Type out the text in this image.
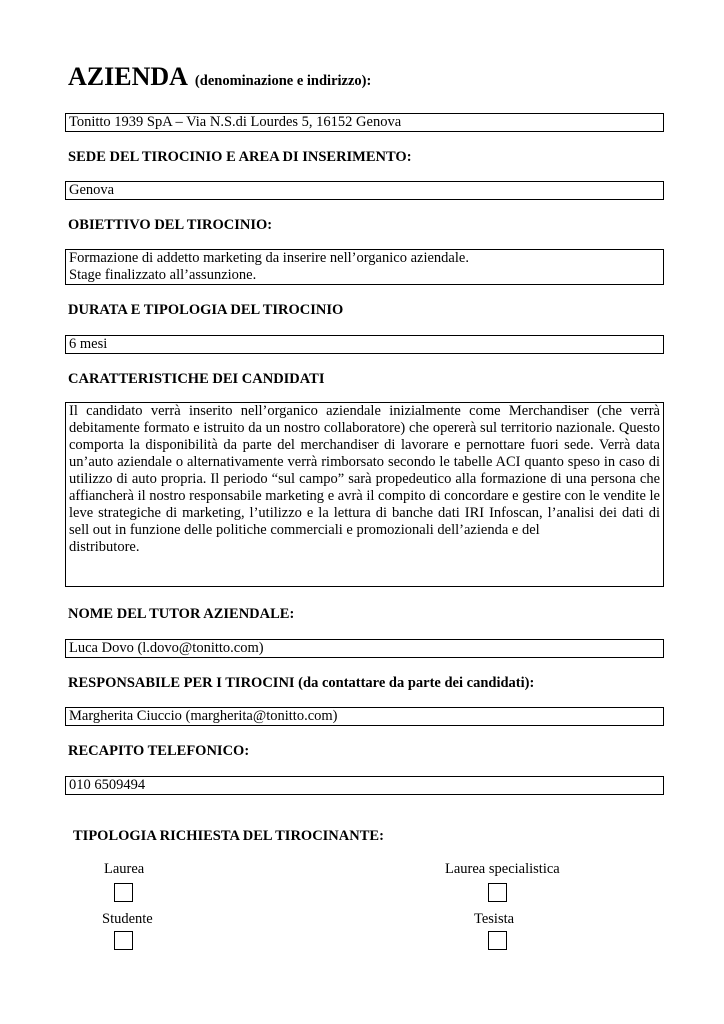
AZIENDA (denominazione e indirizzo):
Tonitto 1939 SpA – Via N.S.di Lourdes 5, 16152 Genova
SEDE DEL TIROCINIO E AREA DI INSERIMENTO:
Genova
OBIETTIVO DEL TIROCINIO:
Formazione di addetto marketing da inserire nell’organico aziendale.
Stage finalizzato all’assunzione.
DURATA E TIPOLOGIA DEL TIROCINIO
6 mesi
CARATTERISTICHE DEI CANDIDATI
Il candidato verrà inserito nell’organico aziendale inizialmente come Merchandiser (che verrà debitamente formato e istruito da un nostro collaboratore) che opererà sul territorio nazionale. Questo comporta la disponibilità da parte del merchandiser di lavorare e pernottare fuori sede. Verrà data un’auto aziendale o alternativamente verrà rimborsato secondo le tabelle ACI quanto speso in caso di utilizzo di auto propria. Il periodo “sul campo” sarà propedeutico alla formazione di una persona che affiancherà il nostro responsabile marketing e avrà il compito di concordare e gestire con le vendite le leve strategiche di marketing, l’utilizzo e la lettura di banche dati IRI Infoscan, l’analisi dei dati di sell out in funzione delle politiche commerciali e promozionali dell’azienda e del
distributore.
NOME DEL TUTOR AZIENDALE:
Luca Dovo (l.dovo@tonitto.com)
RESPONSABILE PER I TIROCINI (da contattare da parte dei candidati):
Margherita Ciuccio (margherita@tonitto.com)
RECAPITO TELEFONICO:
010 6509494
TIPOLOGIA RICHIESTA DEL TIROCINANTE:
Laurea	Laurea specialistica
Studente	Tesista
